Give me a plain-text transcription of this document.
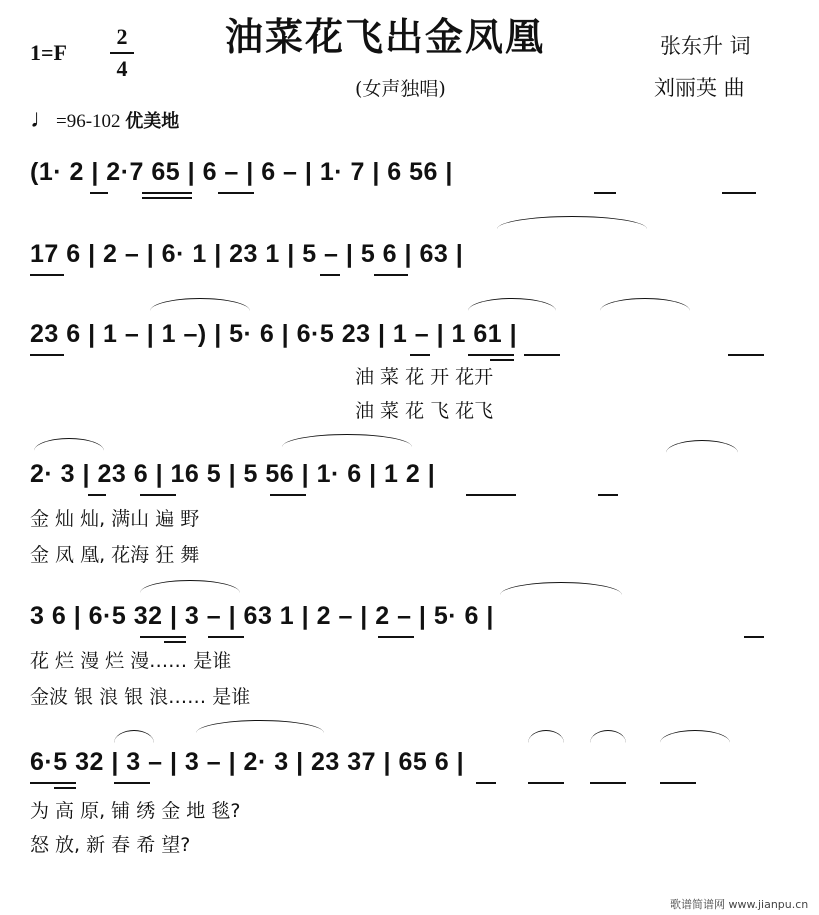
油菜花飞出金凤凰
(女声独唱)
张东升 词
刘丽英 曲
1=F
2
4
♩=96-102 优美地
(1· 2 | 2·7 65 | 6 – | 6 – | 1· 7 | 6 56 |
17 6 | 2 – | 6· 1 | 23 1 | 5 – | 5 6 | 63 |
23 6 | 1 – | 1 –) | 5· 6 | 6·5 23 | 1 – | 1 61 |
油 菜 花 开 花开
油 菜 花 飞 花飞
2· 3 | 23 6 | 16 5 | 5 56 | 1· 6 | 1 2 |
金 灿 灿, 满山 遍 野
金 凤 凰, 花海 狂 舞
3 6 | 6·5 32 | 3 – | 63 1 | 2 – | 2 – | 5· 6 |
花 烂 漫 烂 漫…… 是谁
金波 银 浪 银 浪…… 是谁
6·5 32 | 3 – | 3 – | 2· 3 | 23 37 | 65 6 |
为 高 原, 铺 绣 金 地 毯?
怒 放, 新 春 希 望?
歌谱简谱网 www.jianpu.cn
